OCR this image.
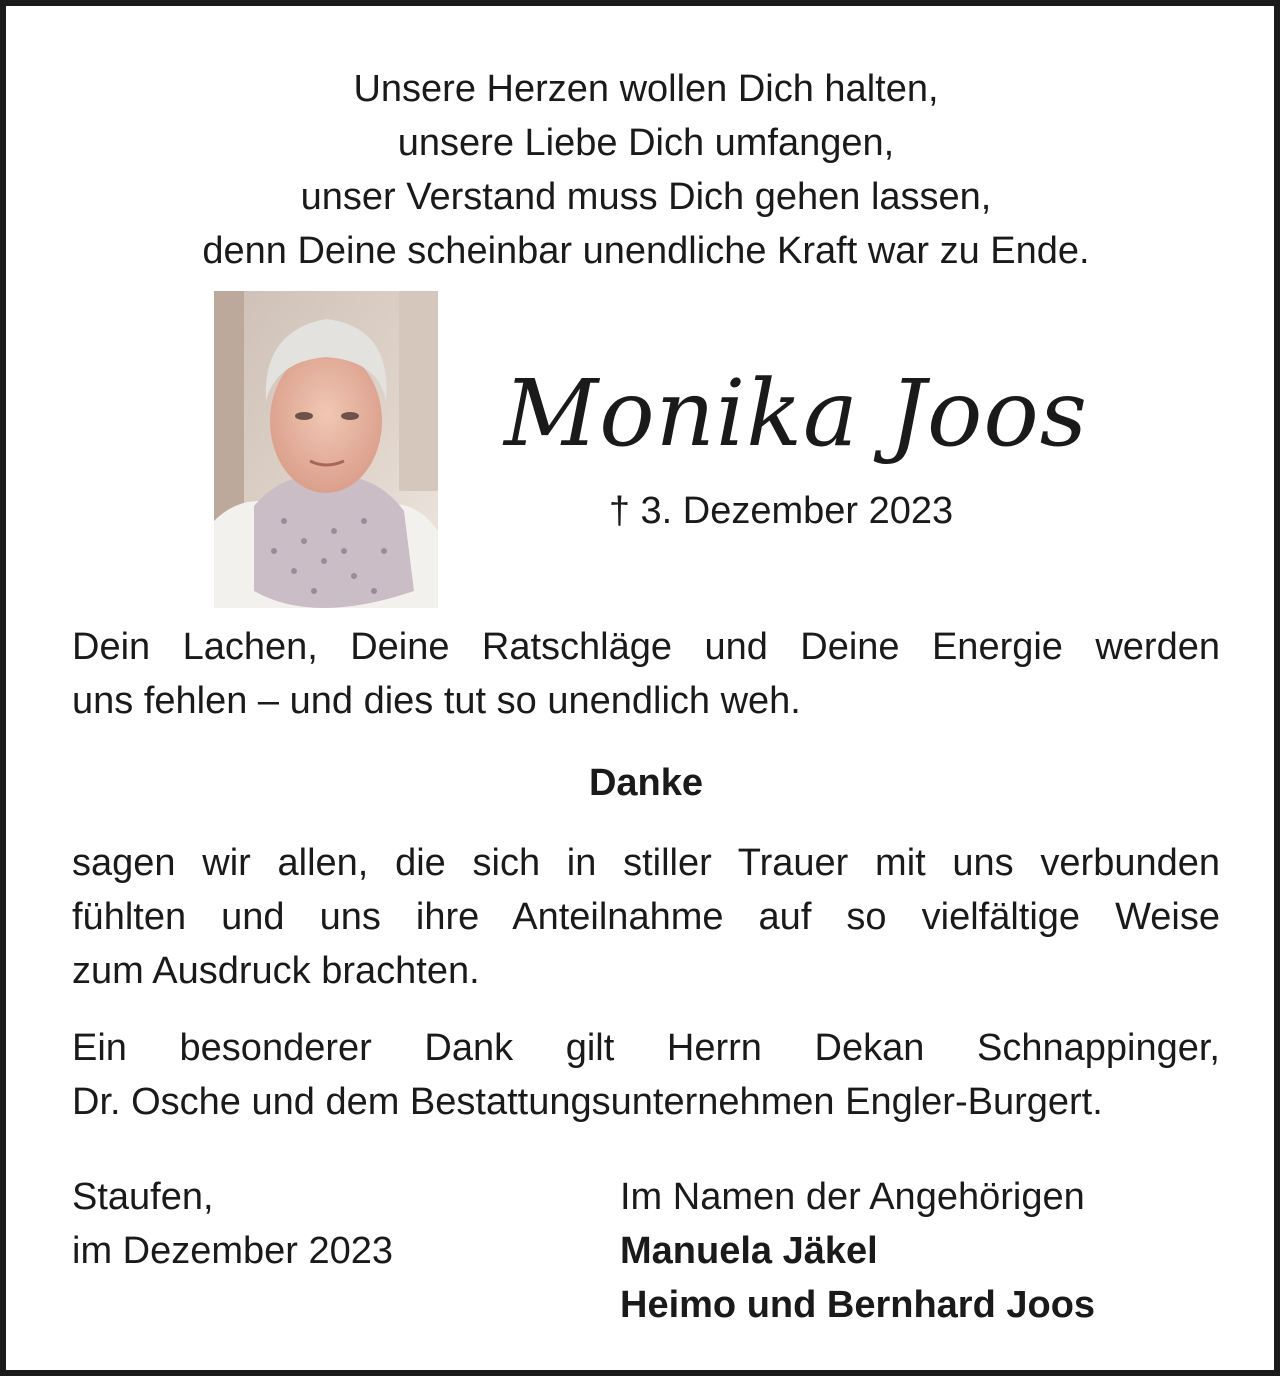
Unsere Herzen wollen Dich halten,
unsere Liebe Dich umfangen,
unser Verstand muss Dich gehen lassen,
denn Deine scheinbar unendliche Kraft war zu Ende.
Monika Joos
† 3. Dezember 2023
Dein Lachen, Deine Ratschläge und Deine Energie werden
uns fehlen – und dies tut so unendlich weh.
Danke
sagen wir allen, die sich in stiller Trauer mit uns verbunden
fühlten und uns ihre Anteilnahme auf so vielfältige Weise
zum Ausdruck brachten.
Ein besonderer Dank gilt Herrn Dekan Schnappinger,
Dr. Osche und dem Bestattungsunternehmen Engler-Burgert.
Staufen,
im Dezember 2023
Im Namen der Angehörigen
Manuela Jäkel
Heimo und Bernhard Joos
